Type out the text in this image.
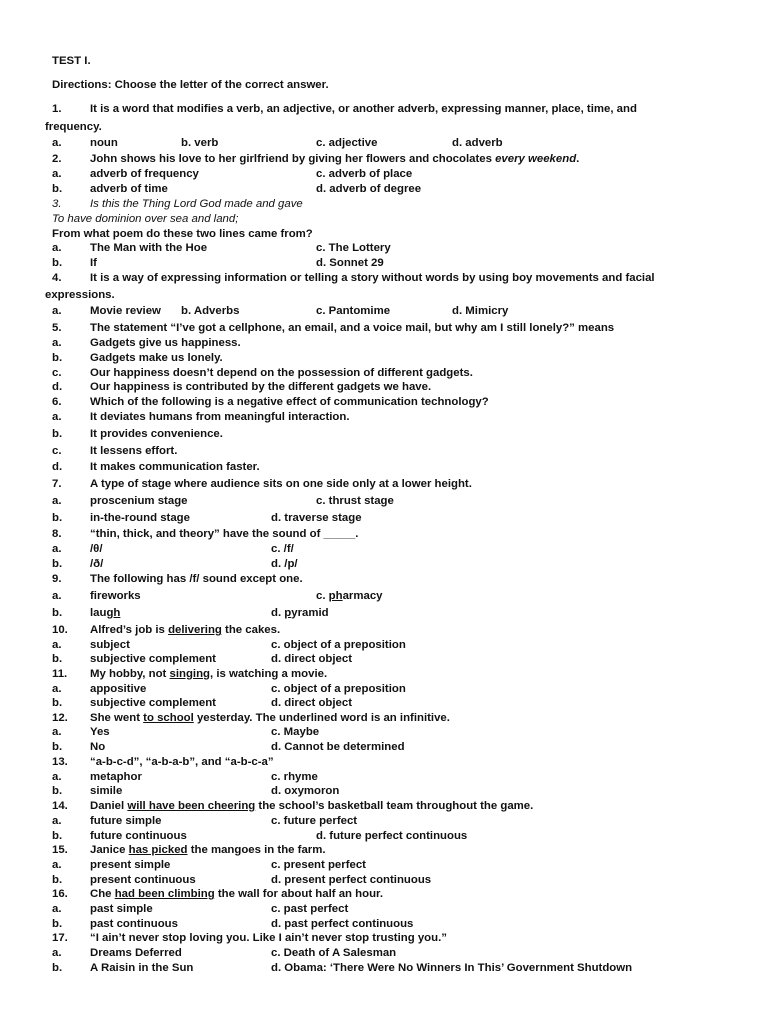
TEST I.
Directions: Choose the letter of the correct answer.
1.	It is a word that modifies a verb, an adjective, or another adverb, expressing manner, place, time, and
frequency.
a.	noun	b. verb	c. adjective	d. adverb
2.	John shows his love to her girlfriend by giving her flowers and chocolates every weekend.
a.	adverb of frequency	c. adverb of place
b. adverb of time	d. adverb of degree
3.	Is this the Thing Lord God made and gave
To have dominion over sea and land;
From what poem do these two lines came from?
a.	The Man with the Hoe	c. The Lottery
b. If	d. Sonnet 29
4.	It is a way of expressing information or telling a story without words by using boy movements and facial
expressions.
a.	Movie review b. Adverbs	c. Pantomime	d. Mimicry
5.	The statement “I’ve got a cellphone, an email, and a voice mail, but why am I still lonely?” means
a.	Gadgets give us happiness.
b. Gadgets make us lonely.
c.	Our happiness doesn’t depend on the possession of different gadgets.
d. Our happiness is contributed by the different gadgets we have.
6.	Which of the following is a negative effect of communication technology?
a.	It deviates humans from meaningful interaction.
b. It provides convenience.
c.	It lessens effort.
d. It makes communication faster.
7.	A type of stage where audience sits on one side only at a lower height.
a.	proscenium stage	c. thrust stage
b. in-the-round stage	d. traverse stage
8.	“thin, thick, and theory” have the sound of _____.
a.	/θ/	c. /f/
b. /ð/	d. /p/
9.	The following has /f/ sound except one.
a.	fireworks	c. pharmacy
b. laugh	d. pyramid
10. Alfred’s job is delivering the cakes.
a.	subject	c. object of a preposition
b. subjective complement	d. direct object
11. My hobby, not singing, is watching a movie.
a.	appositive	c. object of a preposition
b. subjective complement	d. direct object
12. She went to school yesterday. The underlined word is an infinitive.
a.	Yes	c. Maybe
b. No	d. Cannot be determined
13. “a-b-c-d”, “a-b-a-b”, and “a-b-c-a”
a.	metaphor	c. rhyme
b. simile	d. oxymoron
14. Daniel will have been cheering the school’s basketball team throughout the game.
a.	future simple	c. future perfect
b. future continuous	d. future perfect continuous
15. Janice has picked the mangoes in the farm.
a.	present simple	c. present perfect
b. present continuous	d. present perfect continuous
16. Che had been climbing the wall for about half an hour.
a.	past simple	c. past perfect
b. past continuous	d. past perfect continuous
17. “I ain’t never stop loving you. Like I ain’t never stop trusting you.”
a.	Dreams Deferred	c. Death of A Salesman
b. A Raisin in the Sun	d. Obama: ‘There Were No Winners In This’ Government Shutdown
